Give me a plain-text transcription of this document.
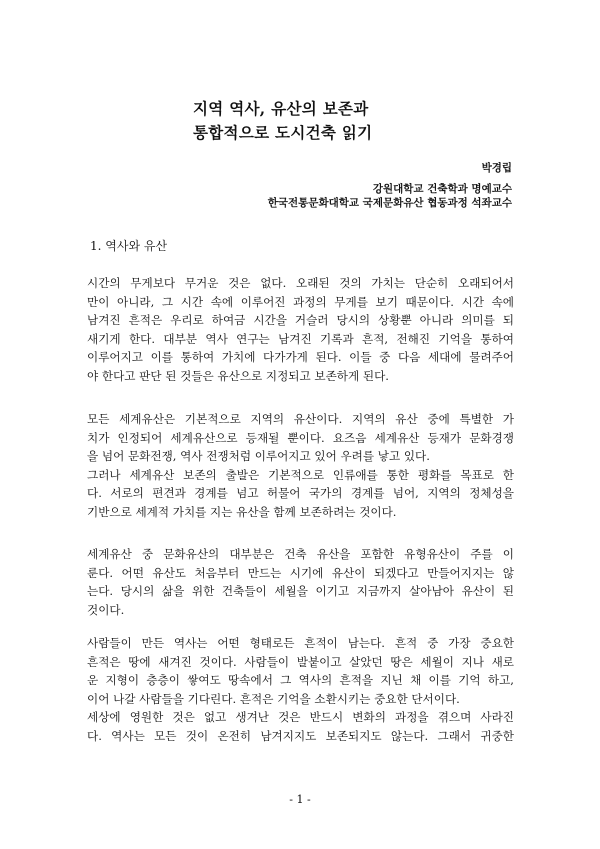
지역 역사, 유산의 보존과
통합적으로 도시건축 읽기
박경립
강원대학교 건축학과 명예교수
한국전통문화대학교 국제문화유산 협동과정 석좌교수
1. 역사와 유산
시간의 무게보다 무거운 것은 없다. 오래된 것의 가치는 단순히 오래되어서
만이 아니라, 그 시간 속에 이루어진 과정의 무게를 보기 때문이다. 시간 속에
남겨진 흔적은 우리로 하여금 시간을 거슬러 당시의 상황뿐 아니라 의미를 되
새기게 한다. 대부분 역사 연구는 남겨진 기록과 흔적, 전해진 기억을 통하여
이루어지고 이를 통하여 가치에 다가가게 된다. 이들 중 다음 세대에 물려주어
야 한다고 판단 된 것들은 유산으로 지정되고 보존하게 된다.
모든 세계유산은 기본적으로 지역의 유산이다. 지역의 유산 중에 특별한 가
치가 인정되어 세계유산으로 등재될 뿐이다. 요즈음 세계유산 등재가 문화경쟁
을 넘어 문화전쟁, 역사 전쟁처럼 이루어지고 있어 우려를 낳고 있다.
그러나 세계유산 보존의 출발은 기본적으로 인류애를 통한 평화를 목표로 한
다. 서로의 편견과 경계를 넘고 허물어 국가의 경계를 넘어, 지역의 정체성을
기반으로 세계적 가치를 지는 유산을 함께 보존하려는 것이다.
세계유산 중 문화유산의 대부분은 건축 유산을 포함한 유형유산이 주를 이
룬다. 어떤 유산도 처음부터 만드는 시기에 유산이 되겠다고 만들어지지는 않
는다. 당시의 삶을 위한 건축들이 세월을 이기고 지금까지 살아남아 유산이 된
것이다.
사람들이 만든 역사는 어떤 형태로든 흔적이 남는다. 흔적 중 가장 중요한
흔적은 땅에 새겨진 것이다. 사람들이 발붙이고 살았던 땅은 세월이 지나 새로
운 지형이 층층이 쌓여도 땅속에서 그 역사의 흔적을 지닌 채 이를 기억 하고,
이어 나갈 사람들을 기다린다. 흔적은 기억을 소환시키는 중요한 단서이다.
세상에 영원한 것은 없고 생겨난 것은 반드시 변화의 과정을 겪으며 사라진
다. 역사는 모든 것이 온전히 남겨지지도 보존되지도 않는다. 그래서 귀중한
- 1 -
